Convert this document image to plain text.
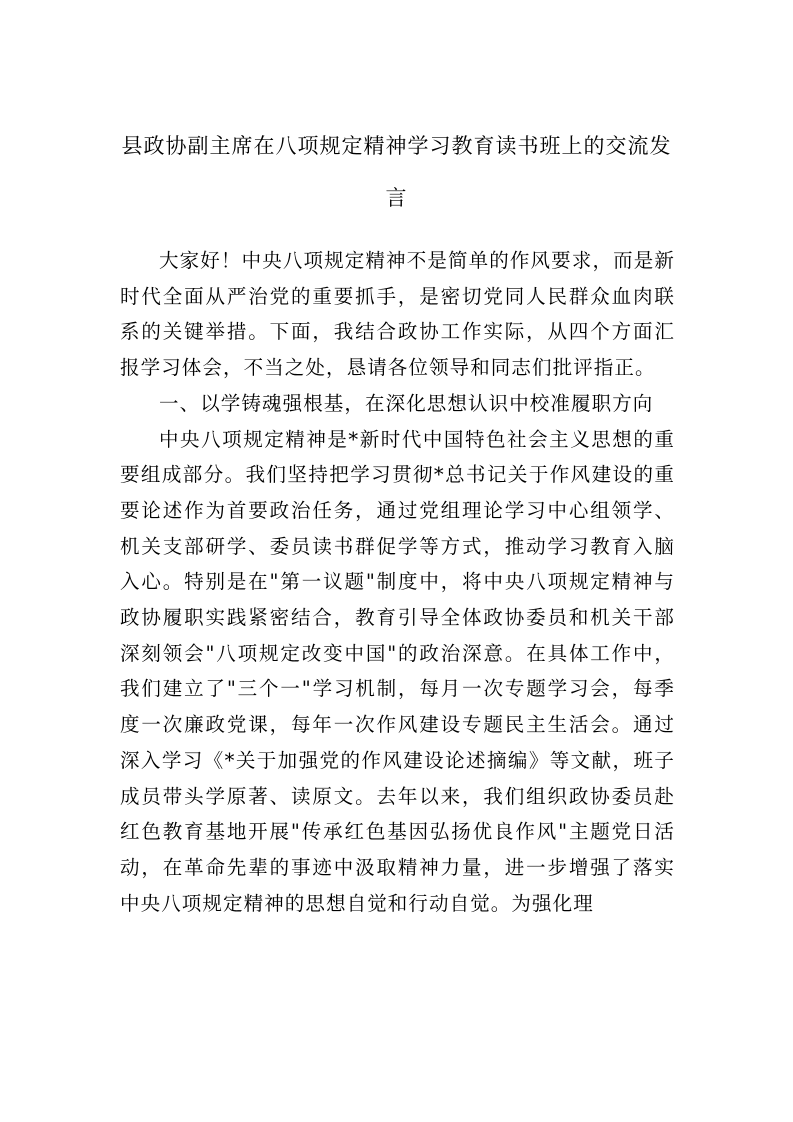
县政协副主席在八项规定精神学习教育读书班上的交流发言

大家好！中央八项规定精神不是简单的作风要求，而是新时代全面从严治党的重要抓手，是密切党同人民群众血肉联系的关键举措。下面，我结合政协工作实际，从四个方面汇报学习体会，不当之处，恳请各位领导和同志们批评指正。

一、以学铸魂强根基，在深化思想认识中校准履职方向

中央八项规定精神是*新时代中国特色社会主义思想的重要组成部分。我们坚持把学习贯彻*总书记关于作风建设的重要论述作为首要政治任务，通过党组理论学习中心组领学、机关支部研学、委员读书群促学等方式，推动学习教育入脑入心。特别是在"第一议题"制度中，将中央八项规定精神与政协履职实践紧密结合，教育引导全体政协委员和机关干部深刻领会"八项规定改变中国"的政治深意。在具体工作中，我们建立了"三个一"学习机制，每月一次专题学习会，每季度一次廉政党课，每年一次作风建设专题民主生活会。通过深入学习《*关于加强党的作风建设论述摘编》等文献，班子成员带头学原著、读原文。去年以来，我们组织政协委员赴红色教育基地开展"传承红色基因弘扬优良作风"主题党日活动，在革命先辈的事迹中汲取精神力量，进一步增强了落实中央八项规定精神的思想自觉和行动自觉。为强化理
